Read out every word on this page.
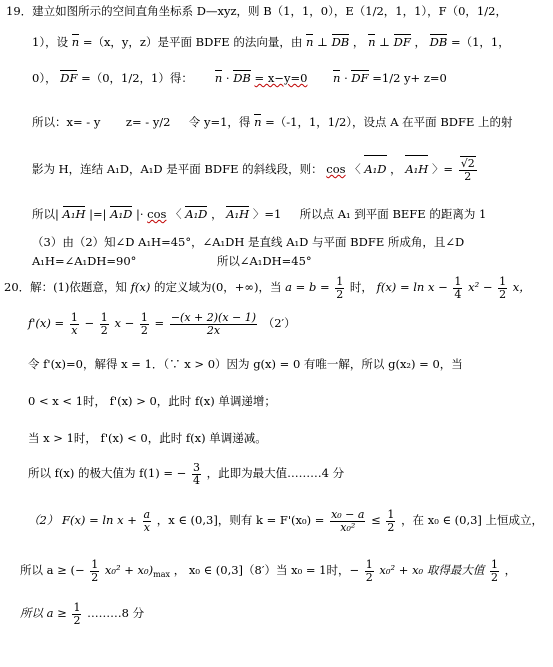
19．建立如图所示的空间直角坐标系 D—xyz，则 B（1，1，0），E（1/2，1，1），F（0，1/2，
1），设 n =（x，y，z）是平面 BDFE 的法向量，由 n ⊥ DB ， n ⊥ DF ， DB =（1，1，
0）， DF =（0，1/2，1）得： n · DB = x−y=0 n · DF =1/2 y+ z=0
所以：x= - y z= - y/2 令 y=1，得 n =（-1，1，1/2），设点 A 在平面 BDFE 上的射
影为 H，连结 A₁D，A₁D 是平面 BDFE 的斜线段，则： cos 〈 A₁D ， A₁H 〉= $\frac{√2}{2}$
所以| A₁H |=| A₁D |· cos 〈 A₁D ， A₁H 〉=1 所以点 A₁ 到平面 BEFE 的距离为 1
（3）由（2）知∠D A₁H=45°，∠A₁DH 是直线 A₁D 与平面 BDFE 所成角，且∠D
A₁H=∠A₁DH=90°	所以∠A₁DH=45°
20．解：(1)依题意，知 f(x) 的定义域为(0，+∞)，当 $a = b = \frac{1}{2}$ 时， $f(x) = \ln x - \frac{1}{4} x^2 - \frac{1}{2}$ x，
$f'(x) = \frac{1}{x} - \frac{1}{2}$ $x - \frac{1}{2} = \frac{-(x + 2)(x - 1)}{2x} (2')$
令 f'(x)=0，解得 x = 1．（∵ x > 0）因为 g(x) = 0 有唯一解，所以 g(x₂) = 0，当
0 < x < 1时， f'(x) > 0，此时 f(x) 单调递增；
当 x > 1时， f'(x) < 0，此时 f(x) 单调递减。
所以 f(x) 的极大值为 f(1) = − $\frac{3}{4}$ ，此即为最大值………4 分
（2） $F(x) = \ln x + \frac{a}{x}$ ，x ∈ (0,3]，则有 $k = F'(x_0) = \frac{\text{x₀ − a}}{\text{x₀²}} \le \frac{1}{2}$ ，在 x₀ ∈ (0,3] 上恒成立，
所以 a ≥ (− $\frac{1}{2} x_0^2 + x_0)_{max}$ ， x₀ ∈ (0,3]（8′）当 x₀ = 1时，− $\frac{1}{2} x_0^2 + x_0$ 取得最大值 $\frac{1}{2}$ ，
所以 $a \ge \frac{1}{2}$ ………8 分
